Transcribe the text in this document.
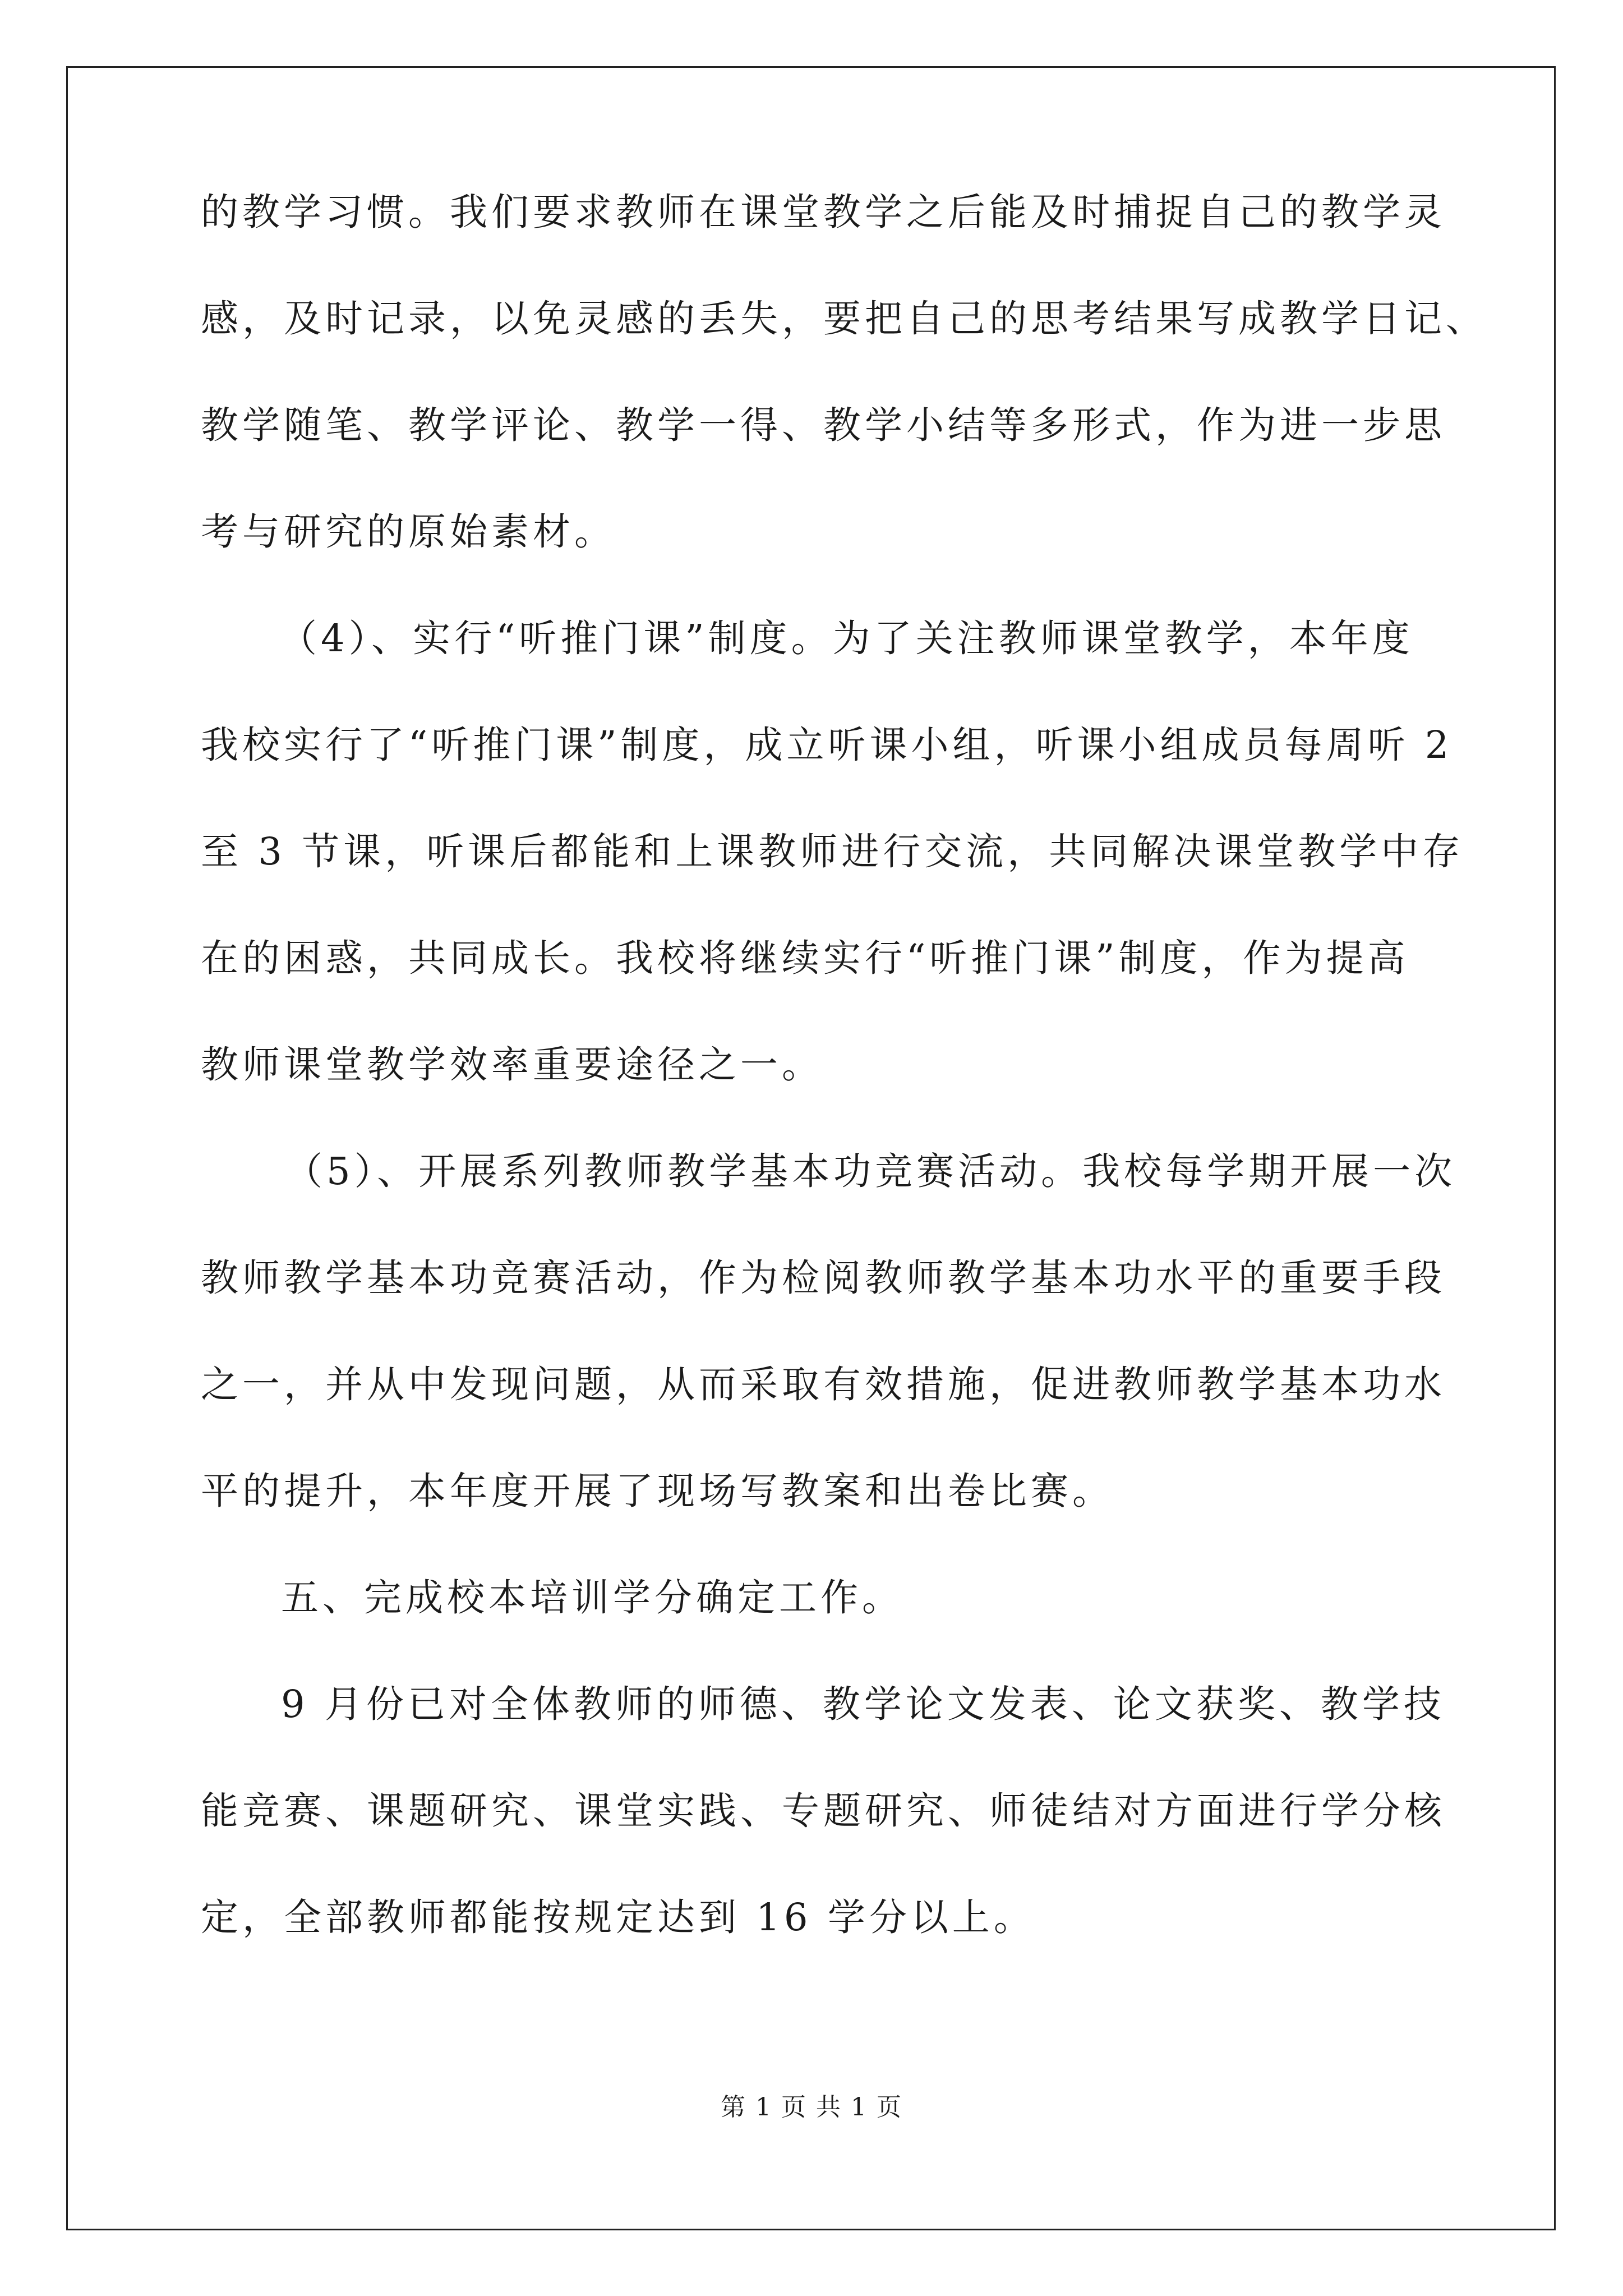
的教学习惯。我们要求教师在课堂教学之后能及时捕捉自己的教学灵
感，及时记录，以免灵感的丢失，要把自己的思考结果写成教学日记、
教学随笔、教学评论、教学一得、教学小结等多形式，作为进一步思
考与研究的原始素材。
（4）、实行“听推门课”制度。为了关注教师课堂教学，本年度
我校实行了“听推门课”制度，成立听课小组，听课小组成员每周听 2
至 3 节课，听课后都能和上课教师进行交流，共同解决课堂教学中存
在的困惑，共同成长。我校将继续实行“听推门课”制度，作为提高
教师课堂教学效率重要途径之一。
（5）、开展系列教师教学基本功竞赛活动。我校每学期开展一次
教师教学基本功竞赛活动，作为检阅教师教学基本功水平的重要手段
之一，并从中发现问题，从而采取有效措施，促进教师教学基本功水
平的提升，本年度开展了现场写教案和出卷比赛。
五、完成校本培训学分确定工作。
9 月份已对全体教师的师德、教学论文发表、论文获奖、教学技
能竞赛、课题研究、课堂实践、专题研究、师徒结对方面进行学分核
定，全部教师都能按规定达到 16 学分以上。
第 1 页 共 1 页
